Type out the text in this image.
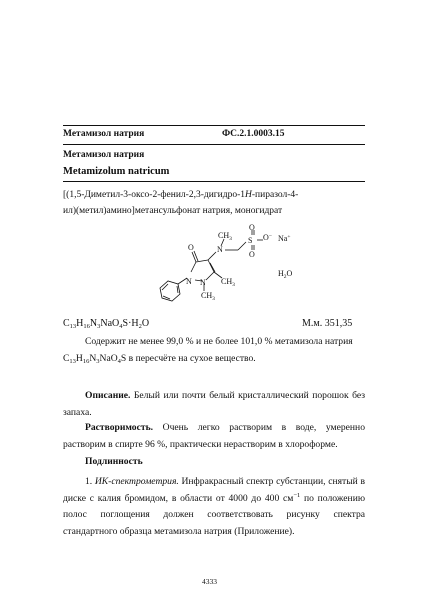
Метамизол натрия	ФС.2.1.0003.15
Метамизол натрия
Metamizolum natricum
[(1,5-Диметил-3-оксо-2-фенил-2,3-дигидро-1H-пиразол-4-
ил)(метил)амино]метансульфонат натрия, моногидрат
O	N
$CH_3$ S
O
O
O− Na+
N N $CH_3$
$CH_3$
$H_2O$
$C_{13}H_{16}N_3NaO_4S\cdot H_2O$	М.м. 351,35
Содержит не менее 99,0 % и не более 101,0 % метамизола натрия
$C_{13}H_{16}N_3NaO_4S$ в пересчёте на сухое вещество.
Описание. Белый или почти белый кристаллический порошок без запаха.
Растворимость. Очень легко растворим в воде, умеренно растворим в спирте 96 %, практически нерастворим в хлороформе.
Подлинность
1. ИК-спектрометрия. Инфракрасный спектр субстанции, снятый в диске с калия бромидом, в области от 4000 до 400 $см^{-1}$ по положению полос поглощения должен соответствовать рисунку спектра стандартного образца метамизола натрия (Приложение).
4333
